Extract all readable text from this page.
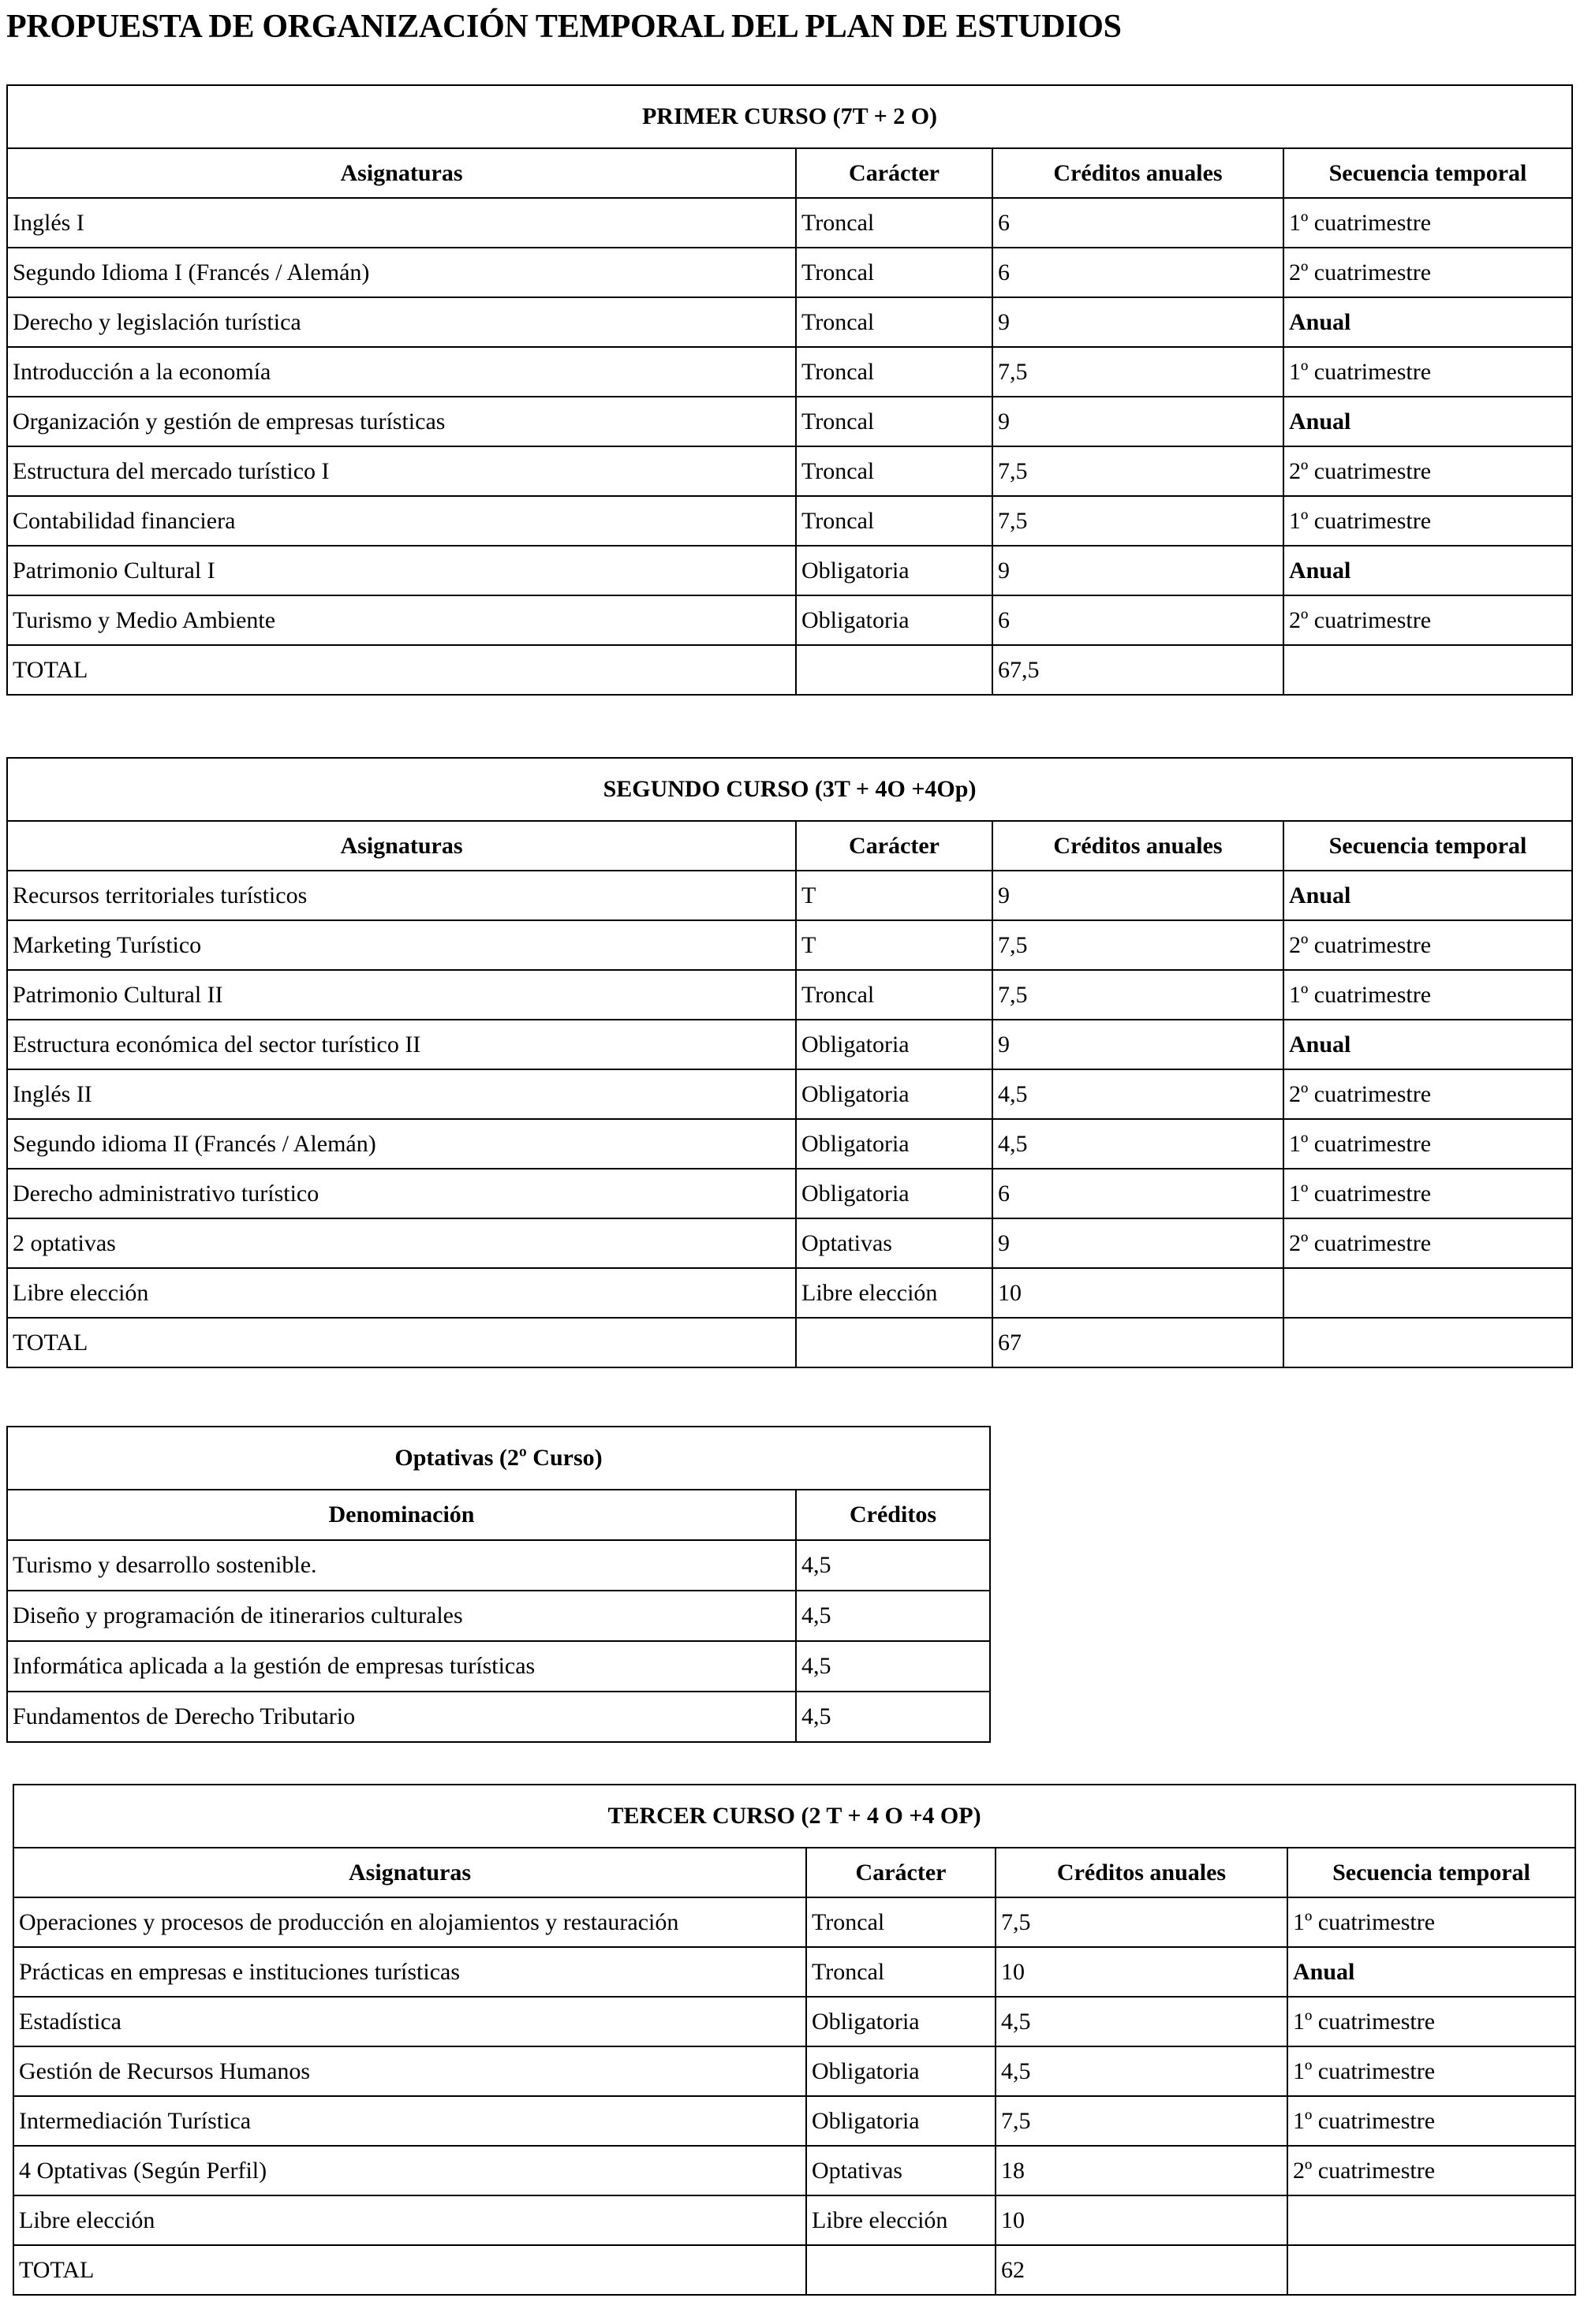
PROPUESTA DE ORGANIZACIÓN TEMPORAL DEL PLAN DE ESTUDIOS
PRIMER CURSO (7T + 2 O)			
Asignaturas	Carácter	Créditos anuales	Secuencia temporal
Inglés I	Troncal	6	1º cuatrimestre
Segundo Idioma I (Francés / Alemán)	Troncal	6	2º cuatrimestre
Derecho y legislación turística	Troncal	9	Anual
Introducción a la economía	Troncal	7,5	1º cuatrimestre
Organización y gestión de empresas turísticas	Troncal	9	Anual
Estructura del mercado turístico I	Troncal	7,5	2º cuatrimestre
Contabilidad financiera	Troncal	7,5	1º cuatrimestre
Patrimonio Cultural I	Obligatoria	9	Anual
Turismo y Medio Ambiente	Obligatoria	6	2º cuatrimestre
TOTAL		67,5	
SEGUNDO CURSO (3T + 4O +4Op)			
Asignaturas	Carácter	Créditos anuales	Secuencia temporal
Recursos territoriales turísticos	T	9	Anual
Marketing Turístico	T	7,5	2º cuatrimestre
Patrimonio Cultural II	Troncal	7,5	1º cuatrimestre
Estructura económica del sector turístico II	Obligatoria	9	Anual
Inglés II	Obligatoria	4,5	2º cuatrimestre
Segundo idioma II (Francés / Alemán)	Obligatoria	4,5	1º cuatrimestre
Derecho administrativo turístico	Obligatoria	6	1º cuatrimestre
2 optativas	Optativas	9	2º cuatrimestre
Libre elección	Libre elección	10	
TOTAL		67	
Optativas (2º Curso)	
Denominación	Créditos
Turismo y desarrollo sostenible.	4,5
Diseño y programación de itinerarios culturales	4,5
Informática aplicada a la gestión de empresas turísticas	4,5
Fundamentos de Derecho Tributario	4,5
TERCER CURSO (2 T + 4 O +4 OP)			
Asignaturas	Carácter	Créditos anuales	Secuencia temporal
Operaciones y procesos de producción en alojamientos y restauración	Troncal	7,5	1º cuatrimestre
Prácticas en empresas e instituciones turísticas	Troncal	10	Anual
Estadística	Obligatoria	4,5	1º cuatrimestre
Gestión de Recursos Humanos	Obligatoria	4,5	1º cuatrimestre
Intermediación Turística	Obligatoria	7,5	1º cuatrimestre
4 Optativas (Según Perfil)	Optativas	18	2º cuatrimestre
Libre elección	Libre elección	10	
TOTAL		62	
